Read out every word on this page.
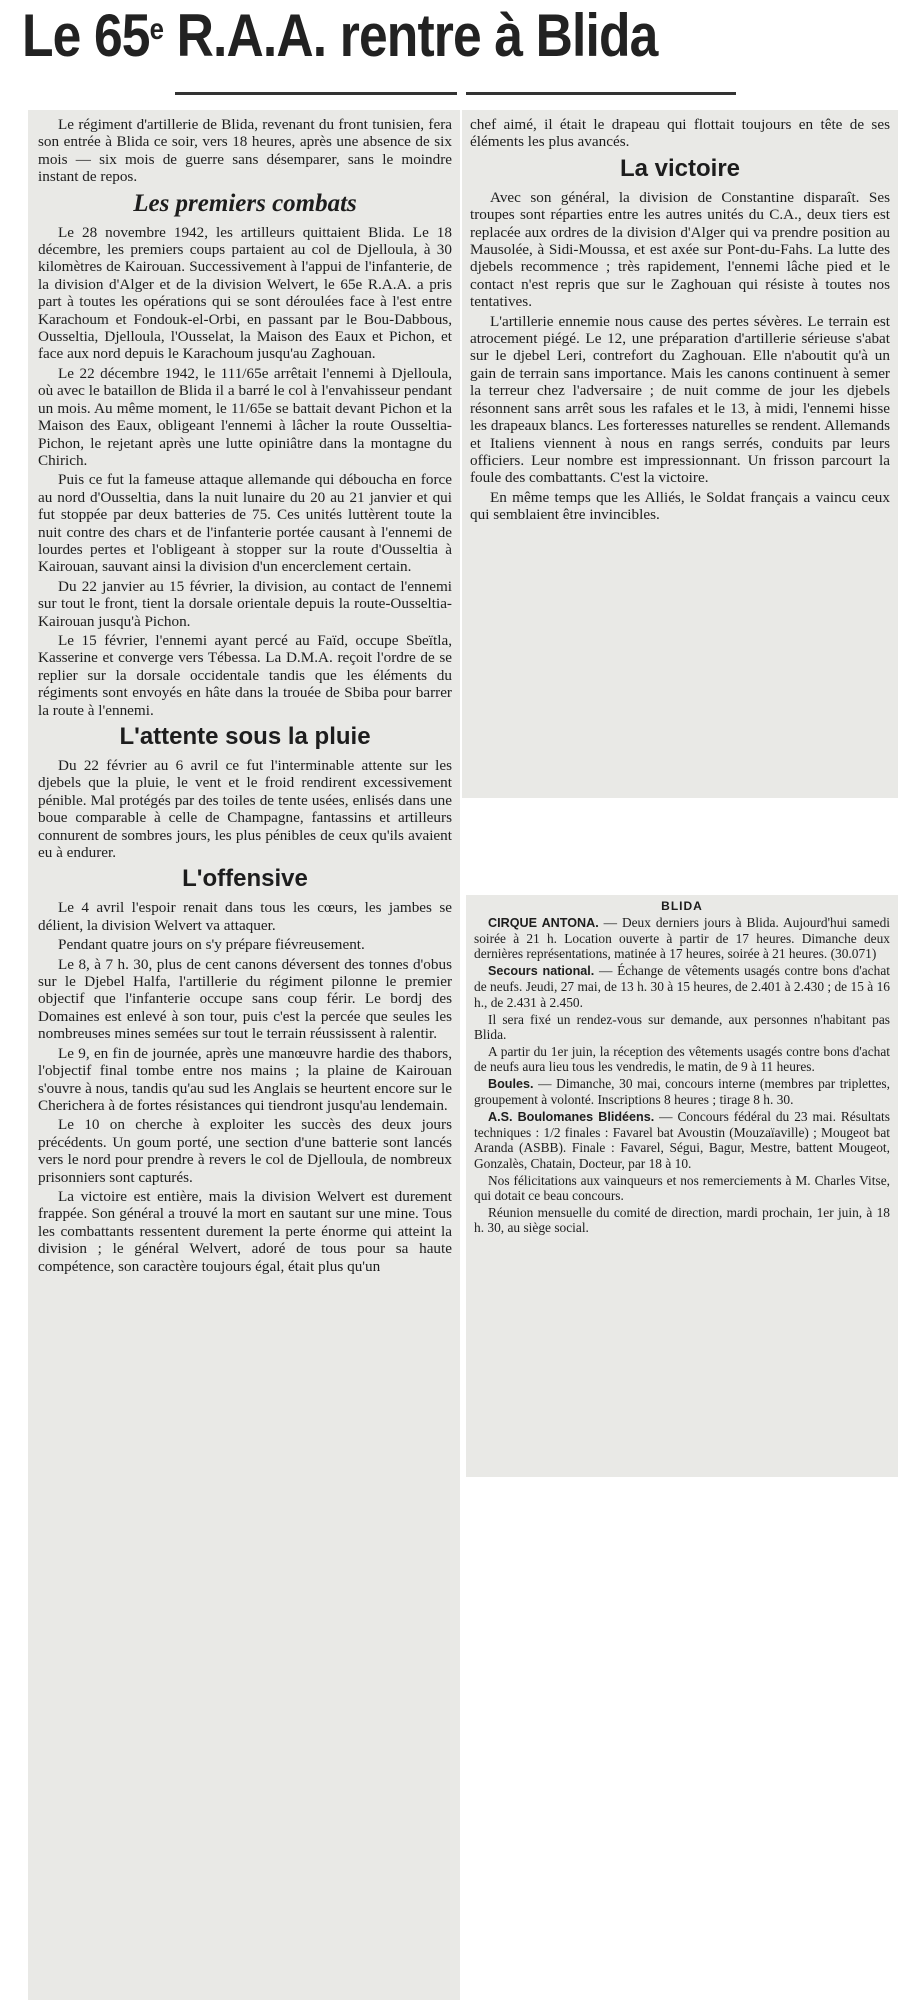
Le 65e R.A.A. rentre à Blida

Le régiment d'artillerie de Blida, revenant du front tunisien, fera son entrée à Blida ce soir, vers 18 heures, après une absence de six mois — six mois de guerre sans désemparer, sans le moindre instant de repos.

Les premiers combats

Le 28 novembre 1942, les artilleurs quittaient Blida. Le 18 décembre, les premiers coups partaient au col de Djelloula, à 30 kilomètres de Kairouan. Successivement à l'appui de l'infanterie, de la division d'Alger et de la division Welvert, le 65e R.A.A. a pris part à toutes les opérations qui se sont déroulées face à l'est entre Karachoum et Fondouk-el-Orbi, en passant par le Bou-Dabbous, Ousseltia, Djelloula, l'Ousselat, la Maison des Eaux et Pichon, et face aux nord depuis le Karachoum jusqu'au Zaghouan.

Le 22 décembre 1942, le 111/65e arrêtait l'ennemi à Djelloula, où avec le bataillon de Blida il a barré le col à l'envahisseur pendant un mois. Au même moment, le 11/65e se battait devant Pichon et la Maison des Eaux, obligeant l'ennemi à lâcher la route Ousseltia-Pichon, le rejetant après une lutte opiniâtre dans la montagne du Chirich.

Puis ce fut la fameuse attaque allemande qui déboucha en force au nord d'Ousseltia, dans la nuit lunaire du 20 au 21 janvier et qui fut stoppée par deux batteries de 75. Ces unités luttèrent toute la nuit contre des chars et de l'infanterie portée causant à l'ennemi de lourdes pertes et l'obligeant à stopper sur la route d'Ousseltia à Kairouan, sauvant ainsi la division d'un encerclement certain.

Du 22 janvier au 15 février, la division, au contact de l'ennemi sur tout le front, tient la dorsale orientale depuis la route-Ousseltia-Kairouan jusqu'à Pichon.

Le 15 février, l'ennemi ayant percé au Faïd, occupe Sbeïtla, Kasserine et converge vers Tébessa. La D.M.A. reçoit l'ordre de se replier sur la dorsale occidentale tandis que les éléments du régiments sont envoyés en hâte dans la trouée de Sbiba pour barrer la route à l'ennemi.

L'attente sous la pluie

Du 22 février au 6 avril ce fut l'interminable attente sur les djebels que la pluie, le vent et le froid rendirent excessivement pénible. Mal protégés par des toiles de tente usées, enlisés dans une boue comparable à celle de Champagne, fantassins et artilleurs connurent de sombres jours, les plus pénibles de ceux qu'ils avaient eu à endurer.

L'offensive

Le 4 avril l'espoir renait dans tous les cœurs, les jambes se délient, la division Welvert va attaquer.

Pendant quatre jours on s'y prépare fiévreusement.

Le 8, à 7 h. 30, plus de cent canons déversent des tonnes d'obus sur le Djebel Halfa, l'artillerie du régiment pilonne le premier objectif que l'infanterie occupe sans coup férir. Le bordj des Domaines est enlevé à son tour, puis c'est la percée que seules les nombreuses mines semées sur tout le terrain réussissent à ralentir.

Le 9, en fin de journée, après une manœuvre hardie des thabors, l'objectif final tombe entre nos mains ; la plaine de Kairouan s'ouvre à nous, tandis qu'au sud les Anglais se heurtent encore sur le Cherichera à de fortes résistances qui tiendront jusqu'au lendemain.

Le 10 on cherche à exploiter les succès des deux jours précédents. Un goum porté, une section d'une batterie sont lancés vers le nord pour prendre à revers le col de Djelloula, de nombreux prisonniers sont capturés.

La victoire est entière, mais la division Welvert est durement frappée. Son général a trouvé la mort en sautant sur une mine. Tous les combattants ressentent durement la perte énorme qui atteint la division ; le général Welvert, adoré de tous pour sa haute compétence, son caractère toujours égal, était plus qu'un

chef aimé, il était le drapeau qui flottait toujours en tête de ses éléments les plus avancés.

La victoire

Avec son général, la division de Constantine disparaît. Ses troupes sont réparties entre les autres unités du C.A., deux tiers est replacée aux ordres de la division d'Alger qui va prendre position au Mausolée, à Sidi-Moussa, et est axée sur Pont-du-Fahs. La lutte des djebels recommence ; très rapidement, l'ennemi lâche pied et le contact n'est repris que sur le Zaghouan qui résiste à toutes nos tentatives.

L'artillerie ennemie nous cause des pertes sévères. Le terrain est atrocement piégé. Le 12, une préparation d'artillerie sérieuse s'abat sur le djebel Leri, contrefort du Zaghouan. Elle n'aboutit qu'à un gain de terrain sans importance. Mais les canons continuent à semer la terreur chez l'adversaire ; de nuit comme de jour les djebels résonnent sans arrêt sous les rafales et le 13, à midi, l'ennemi hisse les drapeaux blancs. Les forteresses naturelles se rendent. Allemands et Italiens viennent à nous en rangs serrés, conduits par leurs officiers. Leur nombre est impressionnant. Un frisson parcourt la foule des combattants. C'est la victoire.

En même temps que les Alliés, le Soldat français a vaincu ceux qui semblaient être invincibles.

BLIDA

CIRQUE ANTONA. — Deux derniers jours à Blida. Aujourd'hui samedi soirée à 21 h. Location ouverte à partir de 17 heures. Dimanche deux dernières représentations, matinée à 17 heures, soirée à 21 heures. (30.071)

Secours national. — Échange de vêtements usagés contre bons d'achat de neufs. Jeudi, 27 mai, de 13 h. 30 à 15 heures, de 2.401 à 2.430 ; de 15 à 16 h., de 2.431 à 2.450.

Il sera fixé un rendez-vous sur demande, aux personnes n'habitant pas Blida.

A partir du 1er juin, la réception des vêtements usagés contre bons d'achat de neufs aura lieu tous les vendredis, le matin, de 9 à 11 heures.

Boules. — Dimanche, 30 mai, concours interne (membres par triplettes, groupement à volonté. Inscriptions 8 heures ; tirage 8 h. 30.

A.S. Boulomanes Blidéens. — Concours fédéral du 23 mai. Résultats techniques : 1/2 finales : Favarel bat Avoustin (Mouzaïaville) ; Mougeot bat Aranda (ASBB). Finale : Favarel, Ségui, Bagur, Mestre, battent Mougeot, Gonzalès, Chatain, Docteur, par 18 à 10.

Nos félicitations aux vainqueurs et nos remerciements à M. Charles Vitse, qui dotait ce beau concours.

Réunion mensuelle du comité de direction, mardi prochain, 1er juin, à 18 h. 30, au siège social.
